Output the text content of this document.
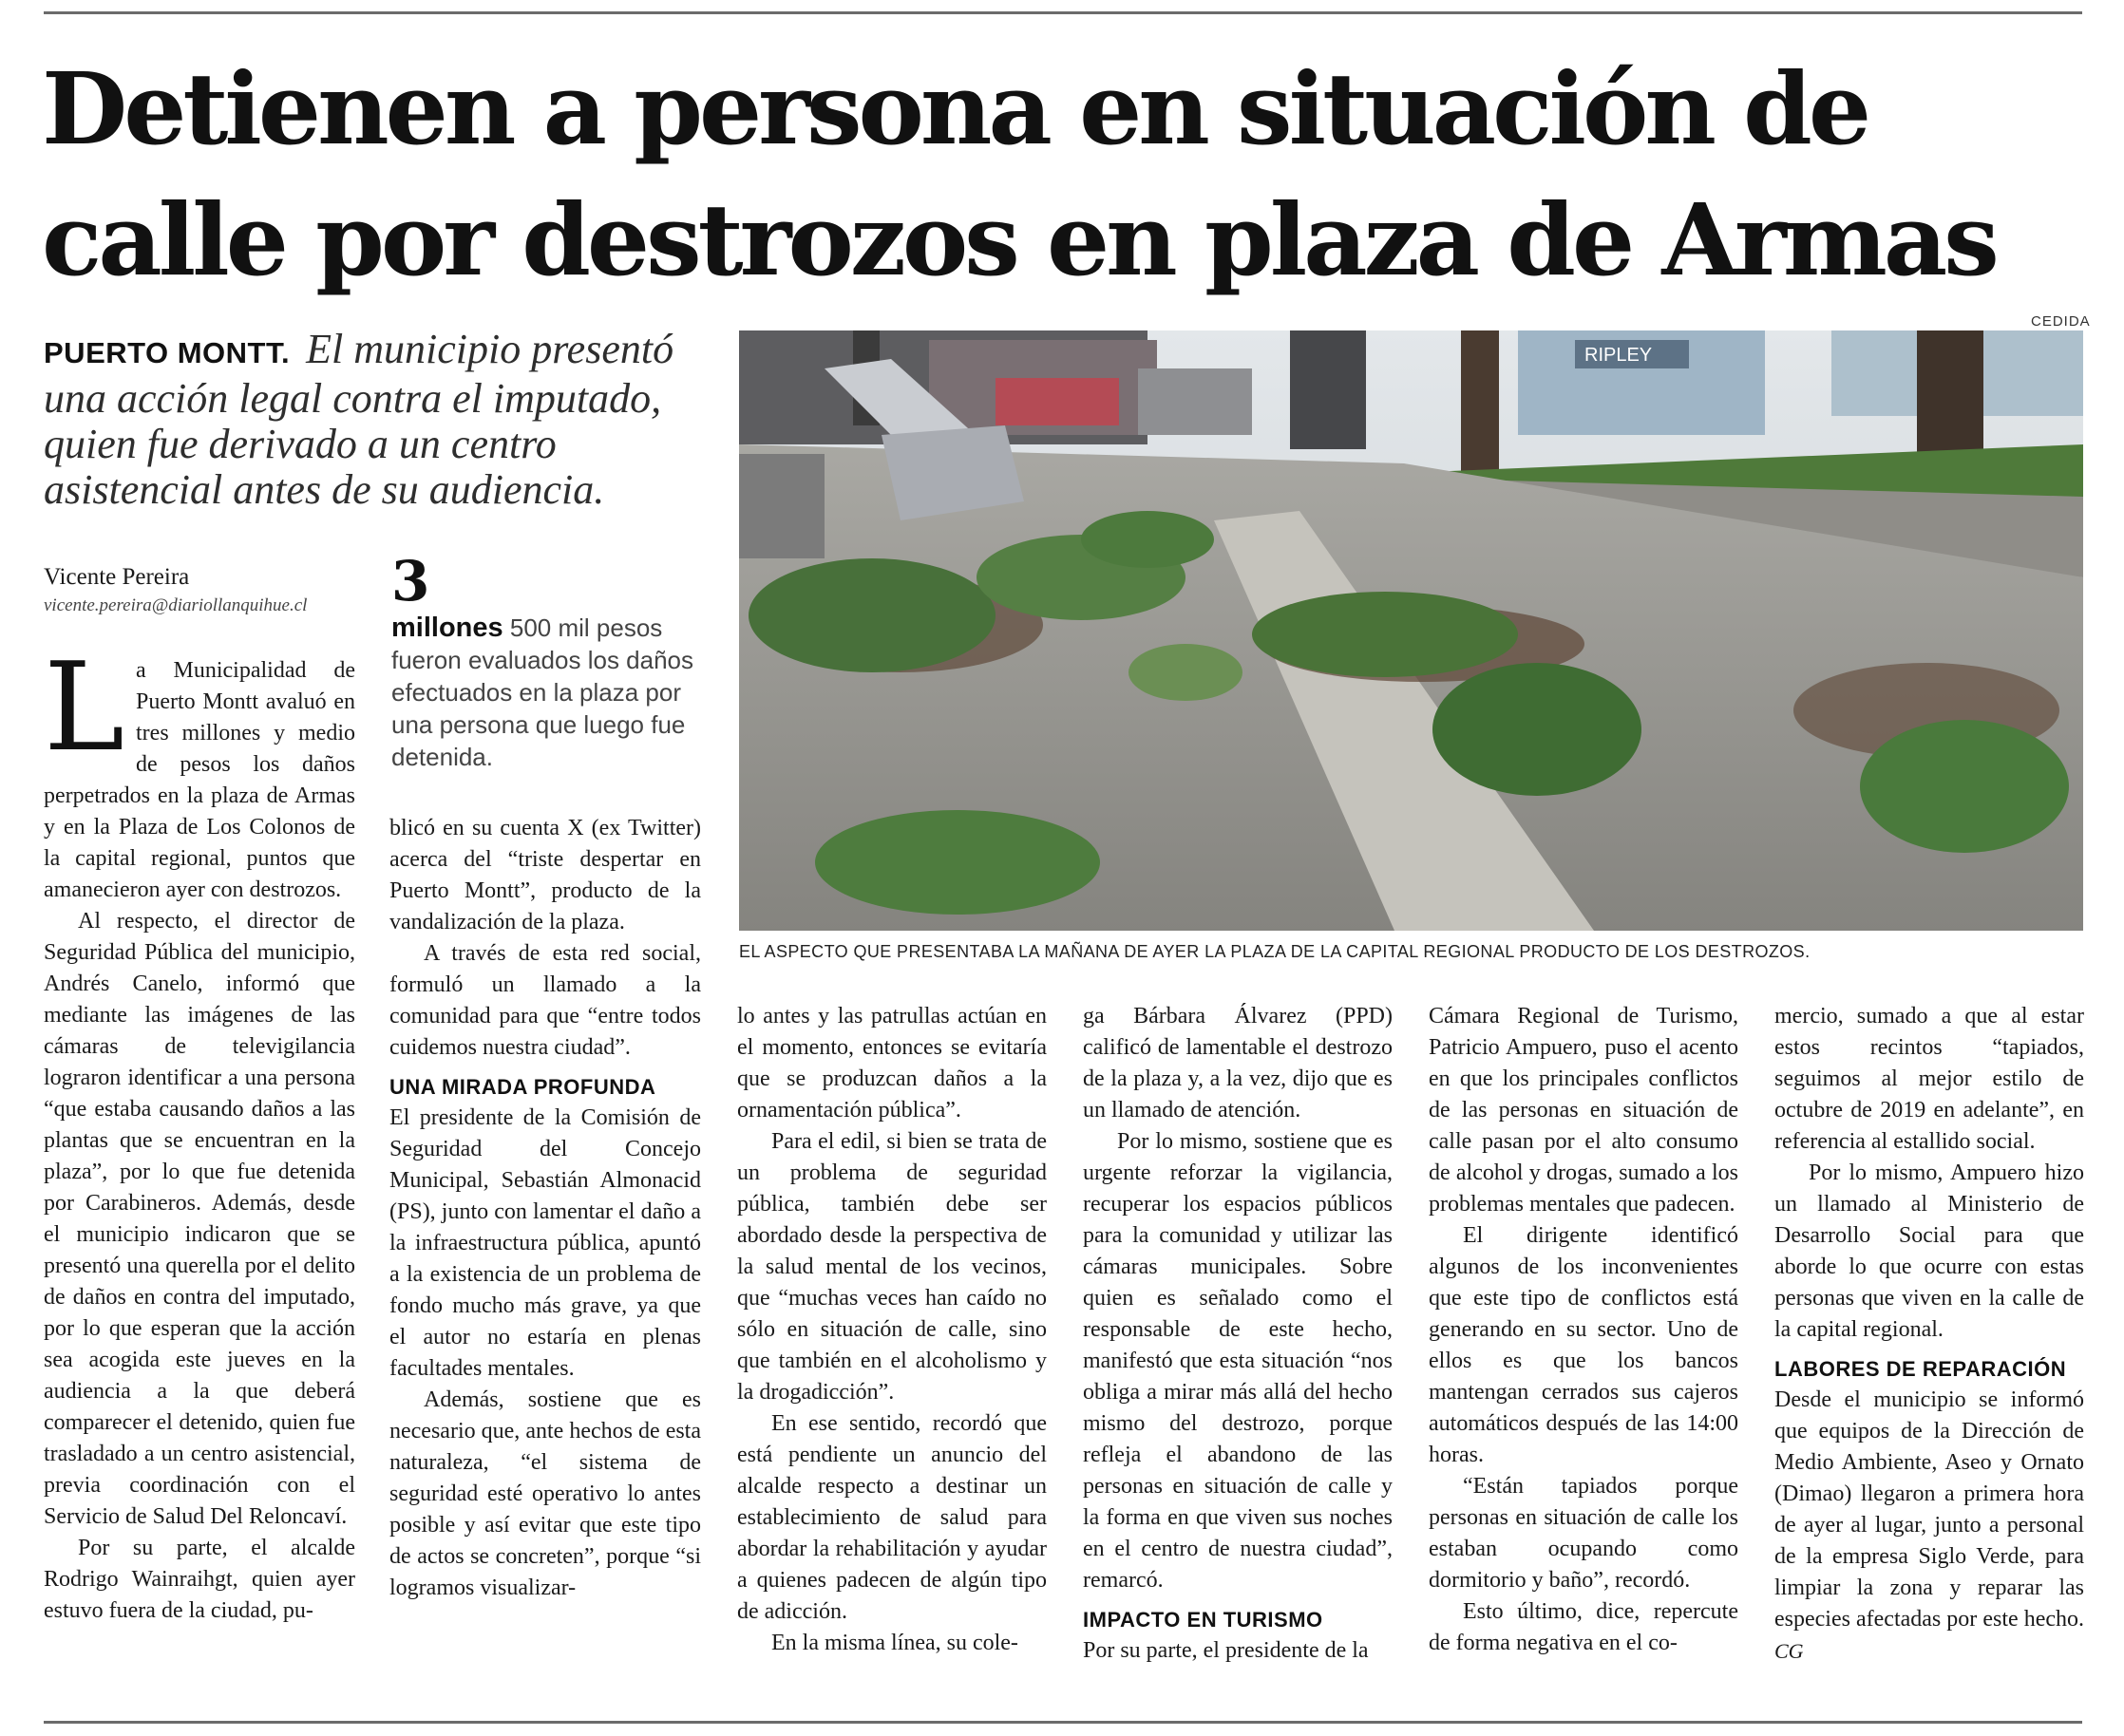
Detienen a persona en situación de
calle por destrozos en plaza de Armas

PUERTO MONTT. El municipio presentó una acción legal contra el imputado, quien fue derivado a un centro asistencial antes de su audiencia.

Vicente Pereira
vicente.pereira@diariollanquihue.cl	3
millones 500 mil pesos fueron evaluados los daños efectuados en la plaza por una persona que luego fue detenida.

La Municipalidad de Puerto Montt avaluó en tres millones y medio de pesos los daños perpetrados en la plaza de Armas y en la Plaza de Los Colonos de la capital regional, puntos que amanecieron ayer con destrozos.

Al respecto, el director de Seguridad Pública del municipio, Andrés Canelo, informó que mediante las imágenes de las cámaras de televigilancia lograron identificar a una persona “que estaba causando daños a las plantas que se encuentran en la plaza”, por lo que fue detenida por Carabineros. Además, desde el municipio indicaron que se presentó una querella por el delito de daños en contra del imputado, por lo que esperan que la acción sea acogida este jueves en la audiencia a la que deberá comparecer el detenido, quien fue trasladado a un centro asistencial, previa coordinación con el Servicio de Salud Del Reloncaví.

Por su parte, el alcalde Rodrigo Wainraihgt, quien ayer estuvo fuera de la ciudad, pu-

blicó en su cuenta X (ex Twitter) acerca del “triste despertar en Puerto Montt”, producto de la vandalización de la plaza.

A través de esta red social, formuló un llamado a la comunidad para que “entre todos cuidemos nuestra ciudad”.

UNA MIRADA PROFUNDA

El presidente de la Comisión de Seguridad del Concejo Municipal, Sebastián Almonacid (PS), junto con lamentar el daño a la infraestructura pública, apuntó a la existencia de un problema de fondo mucho más grave, ya que el autor no estaría en plenas facultades mentales.

Además, sostiene que es necesario que, ante hechos de esta naturaleza, “el sistema de seguridad esté operativo lo antes posible y así evitar que este tipo de actos se concreten”, porque “si logramos visualizar-

CEDIDA
RIPLEY
EL ASPECTO QUE PRESENTABA LA MAÑANA DE AYER LA PLAZA DE LA CAPITAL REGIONAL PRODUCTO DE LOS DESTROZOS.

lo antes y las patrullas actúan en el momento, entonces se evitaría que se produzcan daños a la ornamentación pública”.

Para el edil, si bien se trata de un problema de seguridad pública, también debe ser abordado desde la perspectiva de la salud mental de los vecinos, que “muchas veces han caído no sólo en situación de calle, sino que también en el alcoholismo y la drogadicción”.

En ese sentido, recordó que está pendiente un anuncio del alcalde respecto a destinar un establecimiento de salud para abordar la rehabilitación y ayudar a quienes padecen de algún tipo de adicción.

En la misma línea, su cole-

ga Bárbara Álvarez (PPD) calificó de lamentable el destrozo de la plaza y, a la vez, dijo que es un llamado de atención.

Por lo mismo, sostiene que es urgente reforzar la vigilancia, recuperar los espacios públicos para la comunidad y utilizar las cámaras municipales. Sobre quien es señalado como el responsable de este hecho, manifestó que esta situación “nos obliga a mirar más allá del hecho mismo del destrozo, porque refleja el abandono de las personas en situación de calle y la forma en que viven sus noches en el centro de nuestra ciudad”, remarcó.

IMPACTO EN TURISMO

Por su parte, el presidente de la

Cámara Regional de Turismo, Patricio Ampuero, puso el acento en que los principales conflictos de las personas en situación de calle pasan por el alto consumo de alcohol y drogas, sumado a los problemas mentales que padecen.

El dirigente identificó algunos de los inconvenientes que este tipo de conflictos está generando en su sector. Uno de ellos es que los bancos mantengan cerrados sus cajeros automáticos después de las 14:00 horas.

“Están tapiados porque personas en situación de calle los estaban ocupando como dormitorio y baño”, recordó.

Esto último, dice, repercute de forma negativa en el co-

mercio, sumado a que al estar estos recintos “tapiados, seguimos al mejor estilo de octubre de 2019 en adelante”, en referencia al estallido social.

Por lo mismo, Ampuero hizo un llamado al Ministerio de Desarrollo Social para que aborde lo que ocurre con estas personas que viven en la calle de la capital regional.

LABORES DE REPARACIÓN

Desde el municipio se informó que equipos de la Dirección de Medio Ambiente, Aseo y Ornato (Dimao) llegaron a primera hora de ayer al lugar, junto a personal de la empresa Siglo Verde, para limpiar la zona y reparar las especies afectadas por este hecho. CG
